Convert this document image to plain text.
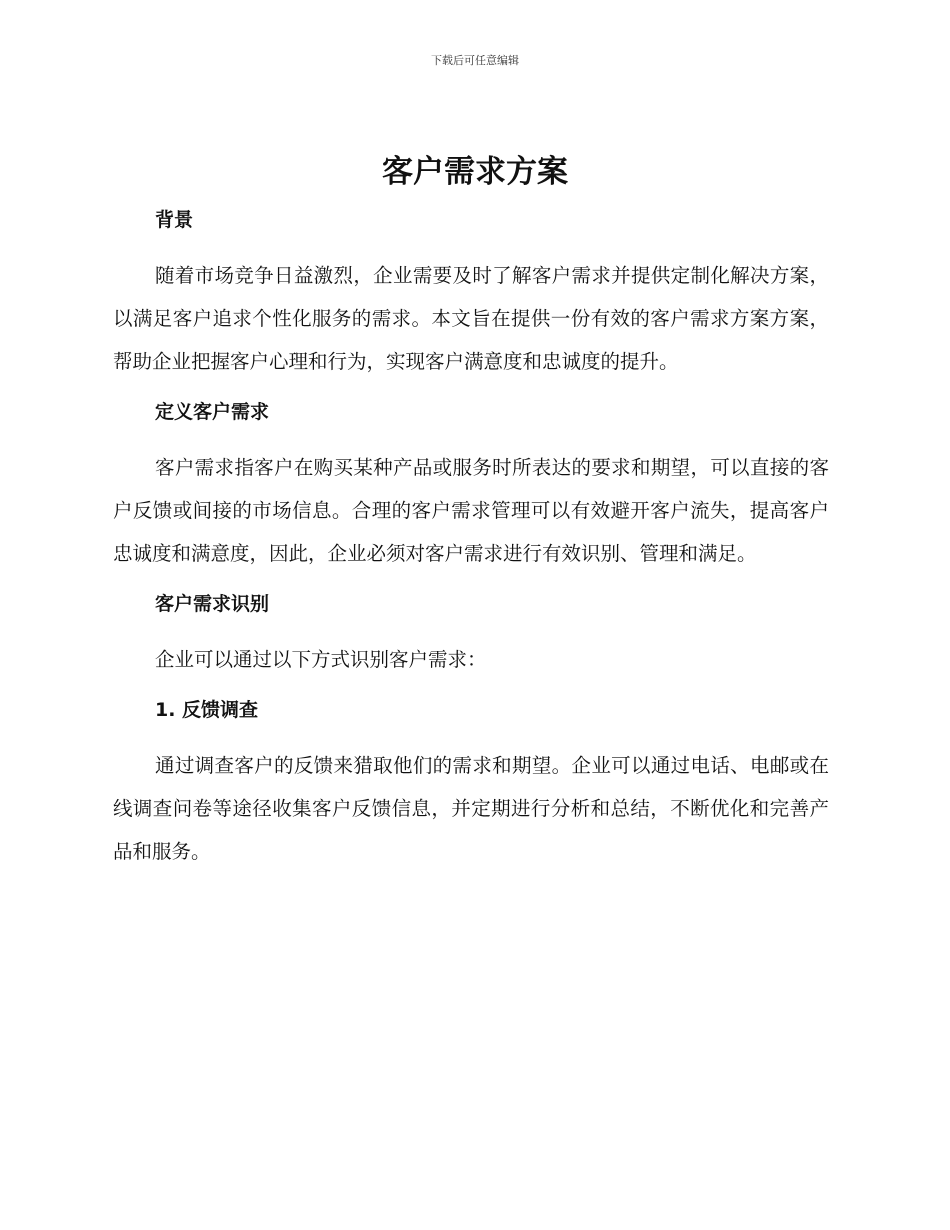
下载后可任意编辑
客户需求方案
背景

随着市场竞争日益激烈，企业需要及时了解客户需求并提供定制化解决方案，以满足客户追求个性化服务的需求。本文旨在提供一份有效的客户需求方案方案，帮助企业把握客户心理和行为，实现客户满意度和忠诚度的提升。

定义客户需求

客户需求指客户在购买某种产品或服务时所表达的要求和期望，可以直接的客户反馈或间接的市场信息。合理的客户需求管理可以有效避开客户流失，提高客户忠诚度和满意度，因此，企业必须对客户需求进行有效识别、管理和满足。

客户需求识别

企业可以通过以下方式识别客户需求：

1. 反馈调查

通过调查客户的反馈来猎取他们的需求和期望。企业可以通过电话、电邮或在线调查问卷等途径收集客户反馈信息，并定期进行分析和总结，不断优化和完善产品和服务。
